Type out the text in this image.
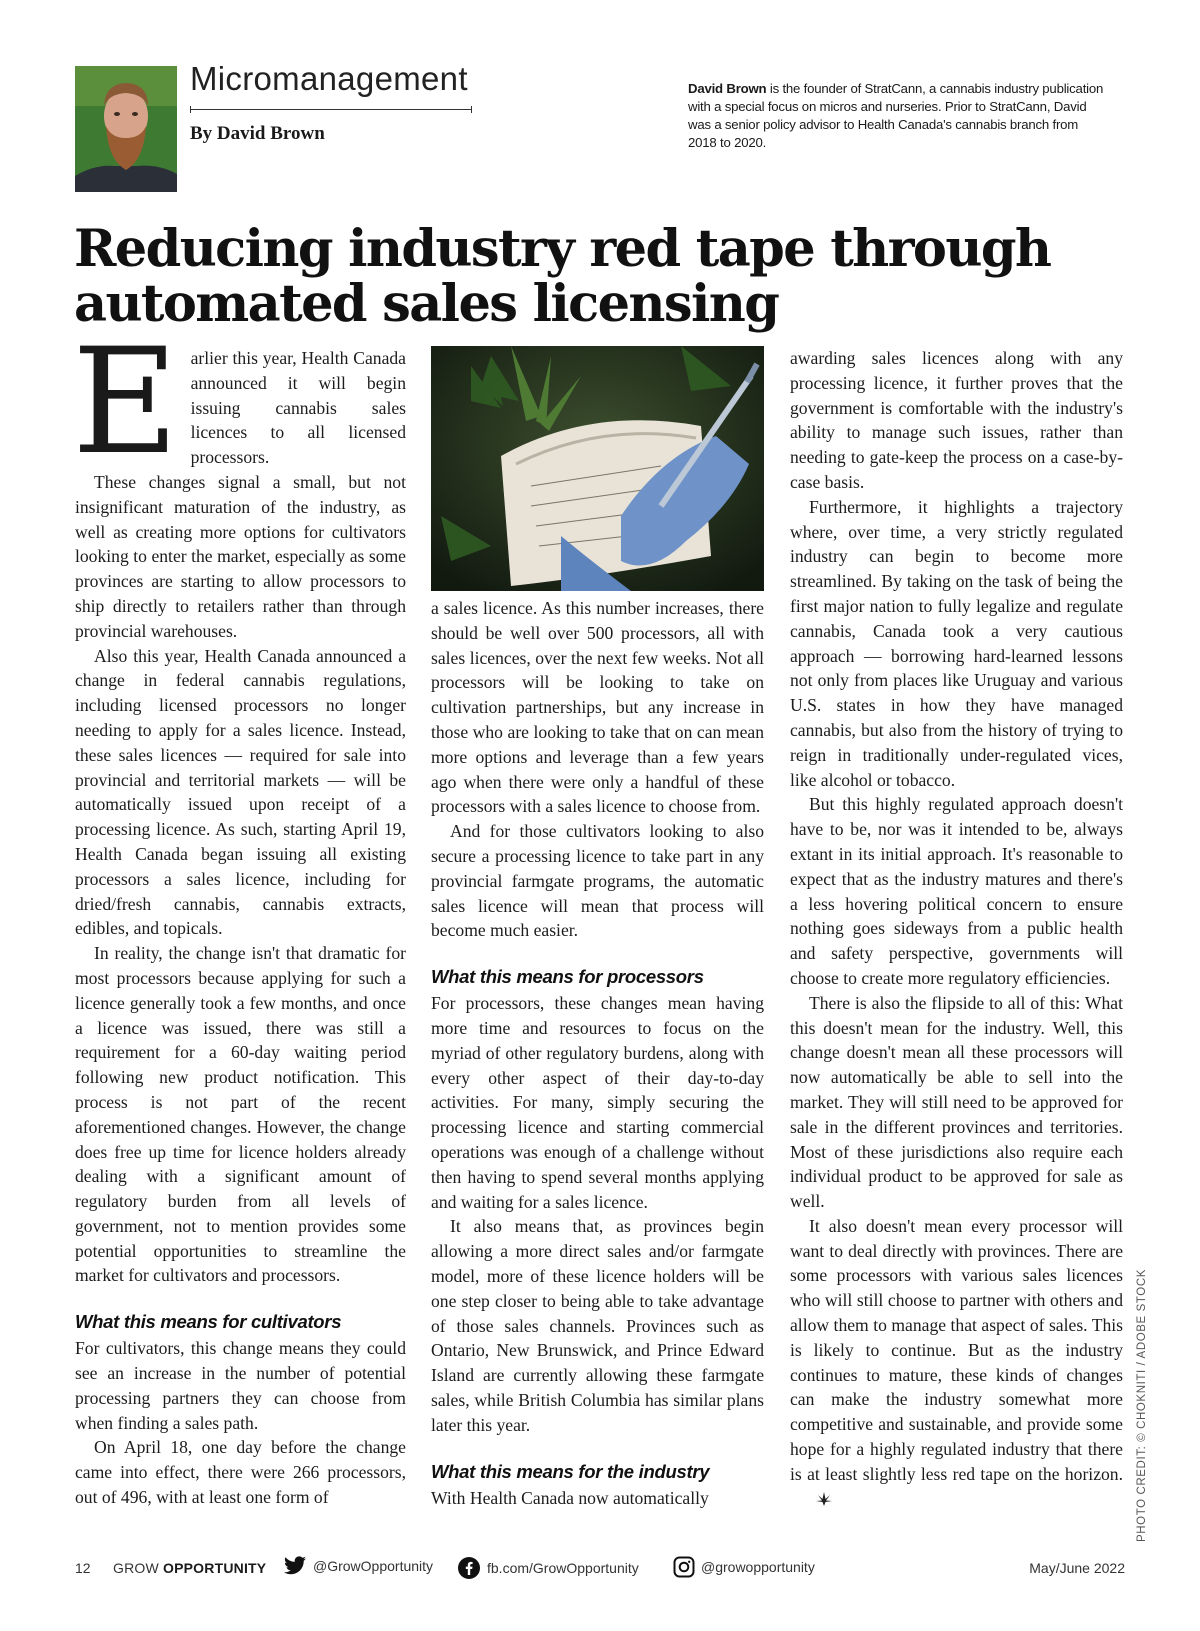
Micromanagement
By David Brown
David Brown is the founder of StratCann, a cannabis industry publication with a special focus on micros and nurseries. Prior to StratCann, David was a senior policy advisor to Health Canada's cannabis branch from 2018 to 2020.
Reducing industry red tape through automated sales licensing
E arlier this year, Health Canada announced it will begin issuing cannabis sales licences to all licensed processors.

These changes signal a small, but not insignificant maturation of the industry, as well as creating more options for cultivators looking to enter the market, especially as some provinces are starting to allow processors to ship directly to retailers rather than through provincial warehouses.

Also this year, Health Canada announced a change in federal cannabis regulations, including licensed processors no longer needing to apply for a sales licence. Instead, these sales licences — required for sale into provincial and territorial markets — will be automatically issued upon receipt of a processing licence. As such, starting April 19, Health Canada began issuing all existing processors a sales licence, including for dried/fresh cannabis, cannabis extracts, edibles, and topicals.

In reality, the change isn't that dramatic for most processors because applying for such a licence generally took a few months, and once a licence was issued, there was still a requirement for a 60-day waiting period following new product notification. This process is not part of the recent aforementioned changes. However, the change does free up time for licence holders already dealing with a significant amount of regulatory burden from all levels of government, not to mention provides some potential opportunities to streamline the market for cultivators and processors.

What this means for cultivators

For cultivators, this change means they could see an increase in the number of potential processing partners they can choose from when finding a sales path.

On April 18, one day before the change came into effect, there were 266 processors, out of 496, with at least one form of

a sales licence. As this number increases, there should be well over 500 processors, all with sales licences, over the next few weeks. Not all processors will be looking to take on cultivation partnerships, but any increase in those who are looking to take that on can mean more options and leverage than a few years ago when there were only a handful of these processors with a sales licence to choose from.

And for those cultivators looking to also secure a processing licence to take part in any provincial farmgate programs, the automatic sales licence will mean that process will become much easier.

What this means for processors

For processors, these changes mean having more time and resources to focus on the myriad of other regulatory burdens, along with every other aspect of their day-to-day activities. For many, simply securing the processing licence and starting commercial operations was enough of a challenge without then having to spend several months applying and waiting for a sales licence.

It also means that, as provinces begin allowing a more direct sales and/or farmgate model, more of these licence holders will be one step closer to being able to take advantage of those sales channels. Provinces such as Ontario, New Brunswick, and Prince Edward Island are currently allowing these farmgate sales, while British Columbia has similar plans later this year.

What this means for the industry

With Health Canada now automatically

awarding sales licences along with any processing licence, it further proves that the government is comfortable with the industry's ability to manage such issues, rather than needing to gate-keep the process on a case-by-case basis.

Furthermore, it highlights a trajectory where, over time, a very strictly regulated industry can begin to become more streamlined. By taking on the task of being the first major nation to fully legalize and regulate cannabis, Canada took a very cautious approach — borrowing hard-learned lessons not only from places like Uruguay and various U.S. states in how they have managed cannabis, but also from the history of trying to reign in traditionally under-regulated vices, like alcohol or tobacco.

But this highly regulated approach doesn't have to be, nor was it intended to be, always extant in its initial approach. It's reasonable to expect that as the industry matures and there's a less hovering political concern to ensure nothing goes sideways from a public health and safety perspective, governments will choose to create more regulatory efficiencies.

There is also the flipside to all of this: What this doesn't mean for the industry. Well, this change doesn't mean all these processors will now automatically be able to sell into the market. They will still need to be approved for sale in the different provinces and territories. Most of these jurisdictions also require each individual product to be approved for sale as well.

It also doesn't mean every processor will want to deal directly with provinces. There are some processors with various sales licences who will still choose to partner with others and allow them to manage that aspect of sales. This is likely to continue. But as the industry continues to mature, these kinds of changes can make the industry somewhat more competitive and sustainable, and provide some hope for a highly regulated industry that there is at least slightly less red tape on the horizon. PHOTO CREDIT: © CHOKNITI / ADOBE STOCK
12 GROW OPPORTUNITY	@GrowOpportunity	fb.com/GrowOpportunity	@growopportunity	May/June 2022
